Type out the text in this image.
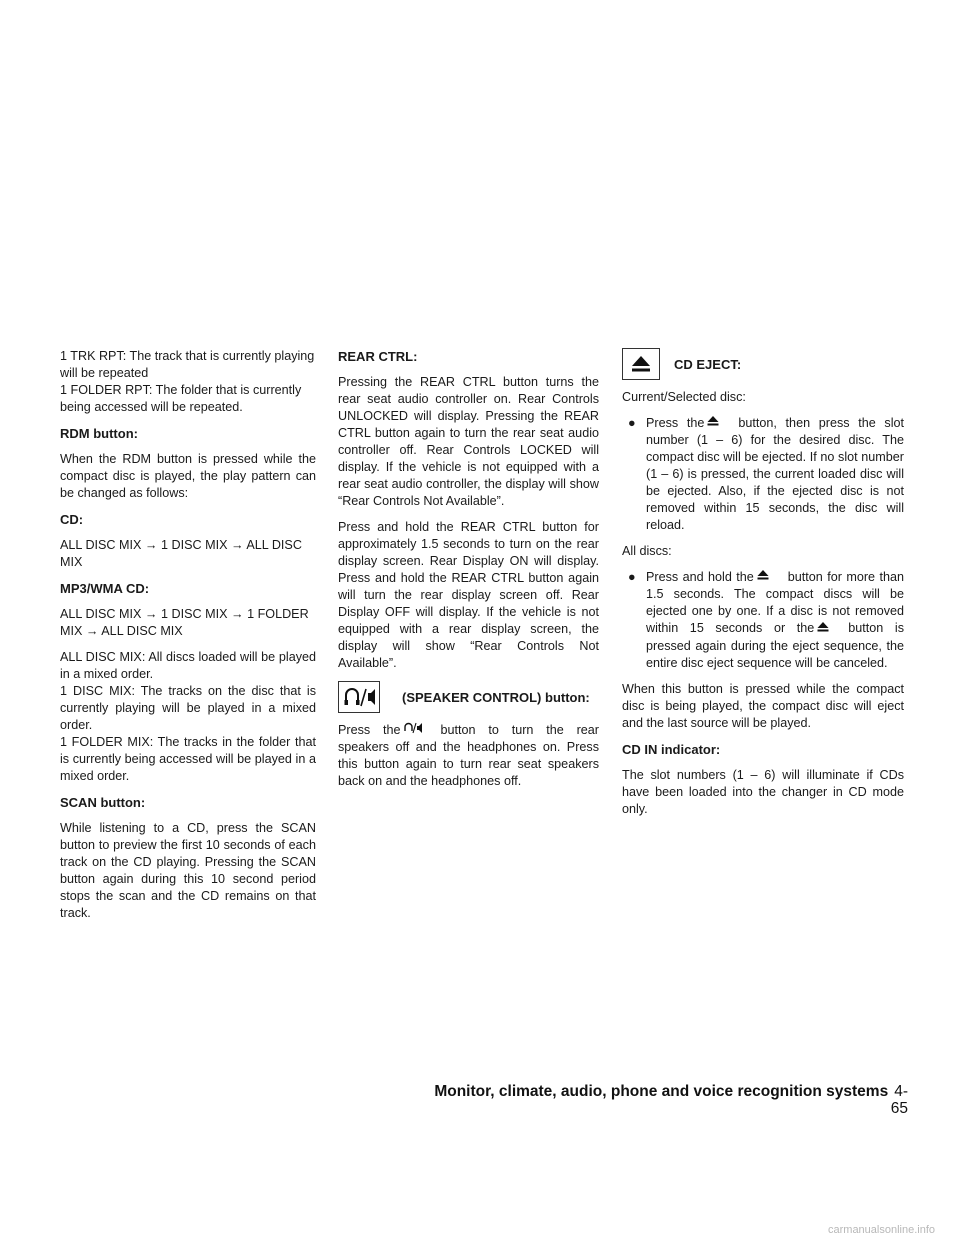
1 TRK RPT: The track that is currently playing will be repeated

1 FOLDER RPT: The folder that is currently being accessed will be repeated.

RDM button:

When the RDM button is pressed while the compact disc is played, the play pattern can be changed as follows:

CD:

ALL DISC MIX → 1 DISC MIX → ALL DISC MIX

MP3/WMA CD:

ALL DISC MIX → 1 DISC MIX → 1 FOLDER MIX → ALL DISC MIX

ALL DISC MIX: All discs loaded will be played in a mixed order.

1 DISC MIX: The tracks on the disc that is currently playing will be played in a mixed order.

1 FOLDER MIX: The tracks in the folder that is currently being accessed will be played in a mixed order.

SCAN button:

While listening to a CD, press the SCAN button to preview the first 10 seconds of each track on the CD playing. Pressing the SCAN button again during this 10 second period stops the scan and the CD remains on that track.

REAR CTRL:

Pressing the REAR CTRL button turns the rear seat audio controller on. Rear Controls UNLOCKED will display. Pressing the REAR CTRL button again to turn the rear seat audio controller off. Rear Controls LOCKED will display. If the vehicle is not equipped with a rear seat audio controller, the display will show “Rear Controls Not Available”.

Press and hold the REAR CTRL button for approximately 1.5 seconds to turn on the rear display screen. Rear Display ON will display. Press and hold the REAR CTRL button again will turn the rear display screen off. Rear Display OFF will display. If the vehicle is not equipped with a rear display screen, the display will show “Rear Controls Not Available”.

(SPEAKER CONTROL) button:

Press the	button to turn the rear speakers off and the headphones on. Press this button again to turn rear seat speakers back on and the headphones off.

CD EJECT:

Current/Selected disc:

● Press the	button, then press the slot number (1 – 6) for the desired disc. The compact disc will be ejected. If no slot number (1 – 6) is pressed, the current loaded disc will be ejected. Also, if the ejected disc is not removed within 15 seconds, the disc will reload.

All discs:

● Press and hold the	button for more than 1.5 seconds. The compact discs will be ejected one by one. If a disc is not removed within 15 seconds or the	button is pressed again during the eject sequence, the entire disc eject sequence will be canceled.

When this button is pressed while the compact disc is being played, the compact disc will eject and the last source will be played.

CD IN indicator:

The slot numbers (1 – 6) will illuminate if CDs have been loaded into the changer in CD mode only.

Monitor, climate, audio, phone and voice recognition systems 4-65
carmanualsonline.info
